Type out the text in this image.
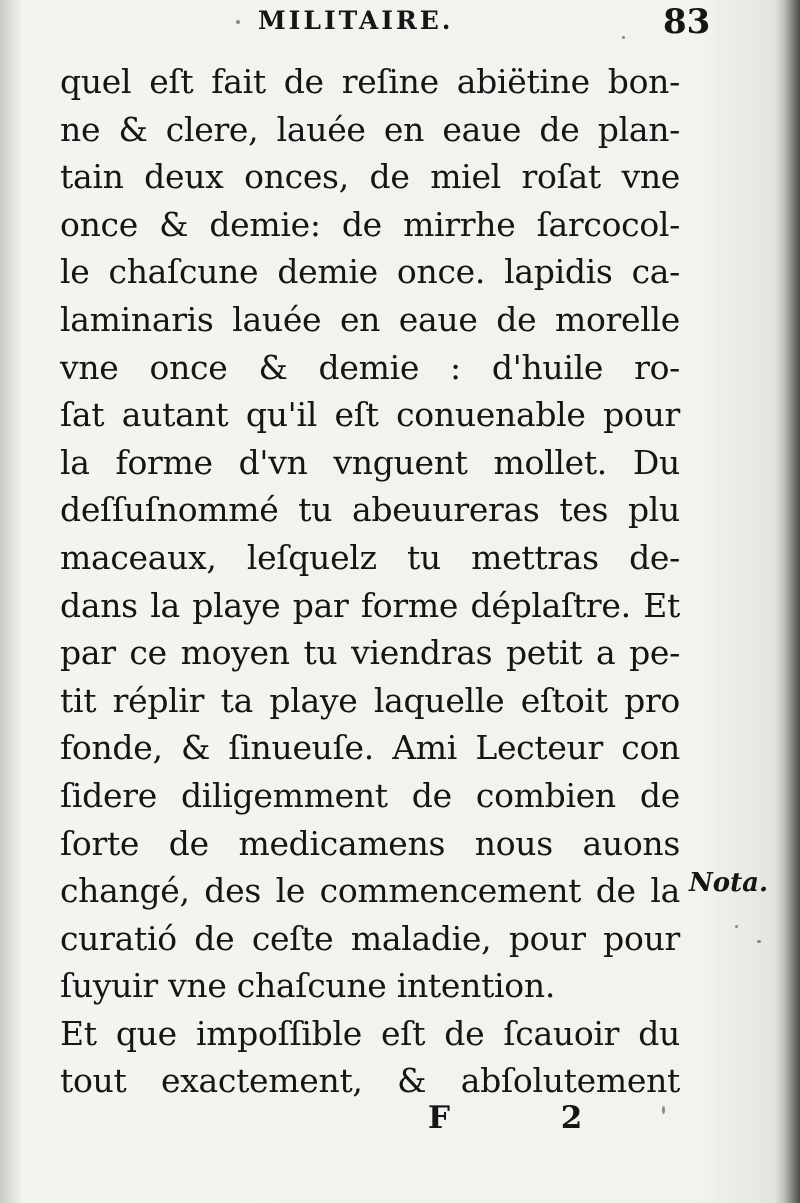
MILITAIRE.	83
quel eſt fait de reſine abiëtine bon-
ne & clere, lauée en eaue de plan-
tain deux onces, de miel roſat vne
once & demie: de mirrhe ſarcocol-
le chaſcune demie once. lapidis ca-
laminaris lauée en eaue de morelle
vne once & demie : d'huile ro-
ſat autant qu'il eſt conuenable pour
la forme d'vn vnguent mollet. Du
deſſuſnommé tu abeuureras tes plu
maceaux, leſquelz tu mettras de-
dans la playe par forme déplaſtre. Et
par ce moyen tu viendras petit a pe-
tit réplir ta playe laquelle eſtoit pro
fonde, & ſinueuſe. Ami Lecteur con
ſidere diligemment de combien de
ſorte de medicamens nous auons
changé, des le commencement de la
curatió de ceſte maladie, pour pour
ſuyuir vne chaſcune intention.
Et que impoſſible eſt de ſcauoir du
tout exactement, & abſolutement
Nota.
F 2
